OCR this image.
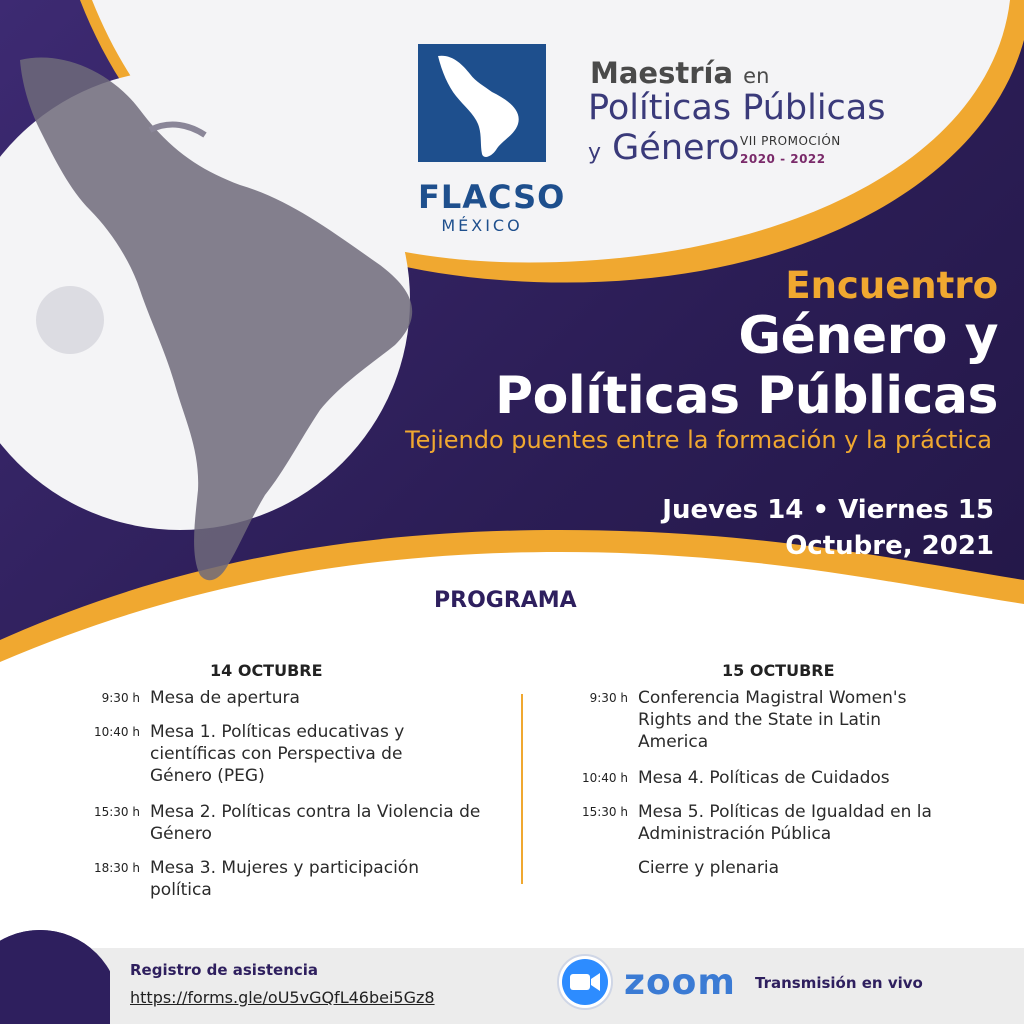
FLACSO
MÉXICO
Maestría en
Políticas Públicas
y Género VII PROMOCIÓN
2020 - 2022
Encuentro
Género y
Políticas Públicas
Tejiendo puentes entre la formación y la práctica
Jueves 14 • Viernes 15
Octubre, 2021
PROGRAMA
14 OCTUBRE
9:30 h Mesa de apertura
10:40 h Mesa 1. Políticas educativas y científicas con Perspectiva de Género (PEG)
15:30 h Mesa 2. Políticas contra la Violencia de Género
18:30 h Mesa 3. Mujeres y participación política
15 OCTUBRE
9:30 h Conferencia Magistral Women's Rights and the State in Latin America
10:40 h Mesa 4. Políticas de Cuidados
15:30 h Mesa 5. Políticas de Igualdad en la Administración Pública
Cierre y plenaria
Registro de asistencia
https://forms.gle/oU5vGQfL46bei5Gz8	zoom Transmisión en vivo
